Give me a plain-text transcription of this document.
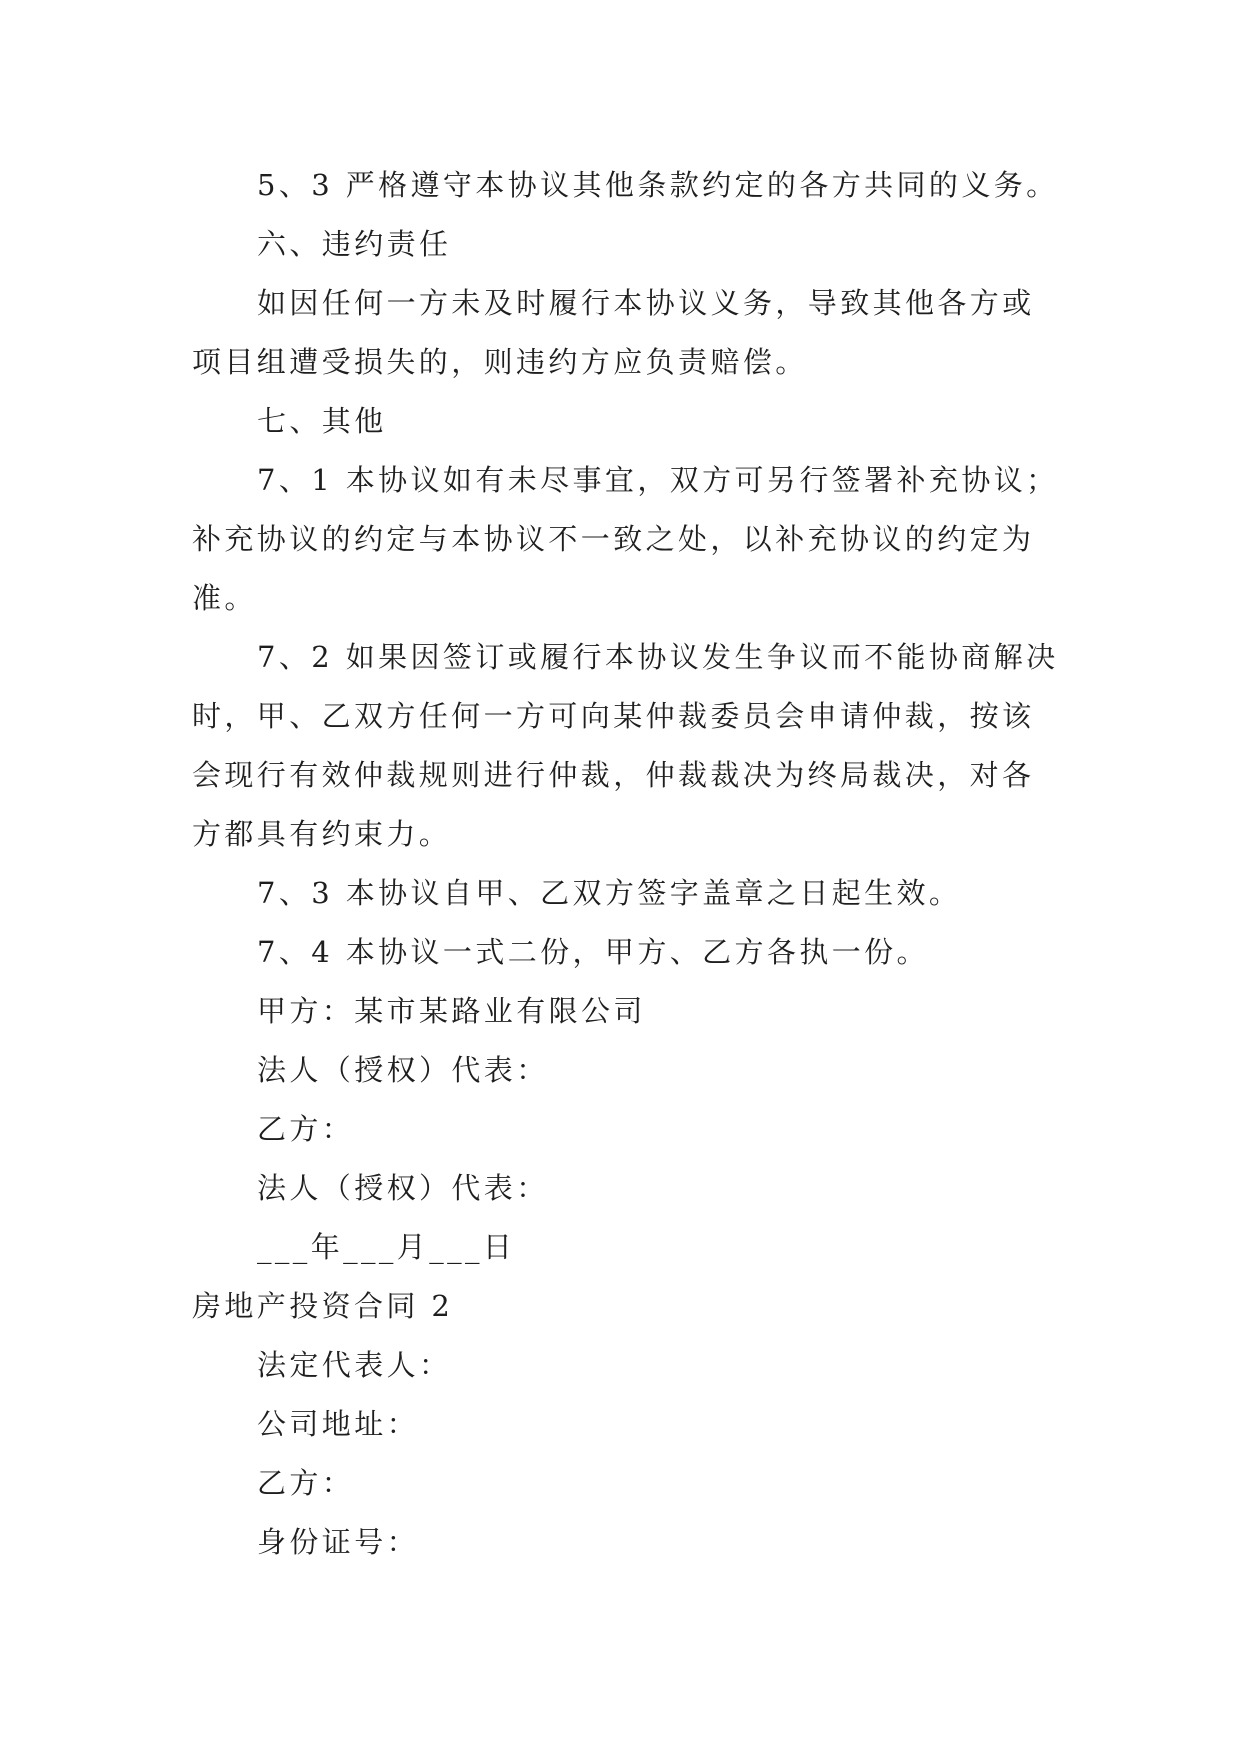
5、3 严格遵守本协议其他条款约定的各方共同的义务。

六、违约责任

如因任何一方未及时履行本协议义务，导致其他各方或项目组遭受损失的，则违约方应负责赔偿。

七、其他

7、1 本协议如有未尽事宜，双方可另行签署补充协议；补充协议的约定与本协议不一致之处，以补充协议的约定为准。

7、2 如果因签订或履行本协议发生争议而不能协商解决时，甲、乙双方任何一方可向某仲裁委员会申请仲裁，按该会现行有效仲裁规则进行仲裁，仲裁裁决为终局裁决，对各方都具有约束力。

7、3 本协议自甲、乙双方签字盖章之日起生效。

7、4 本协议一式二份，甲方、乙方各执一份。

甲方：某市某路业有限公司

法人（授权）代表：

乙方：

法人（授权）代表：

___年___月___日

房地产投资合同 2

法定代表人：

公司地址：

乙方：

身份证号：
